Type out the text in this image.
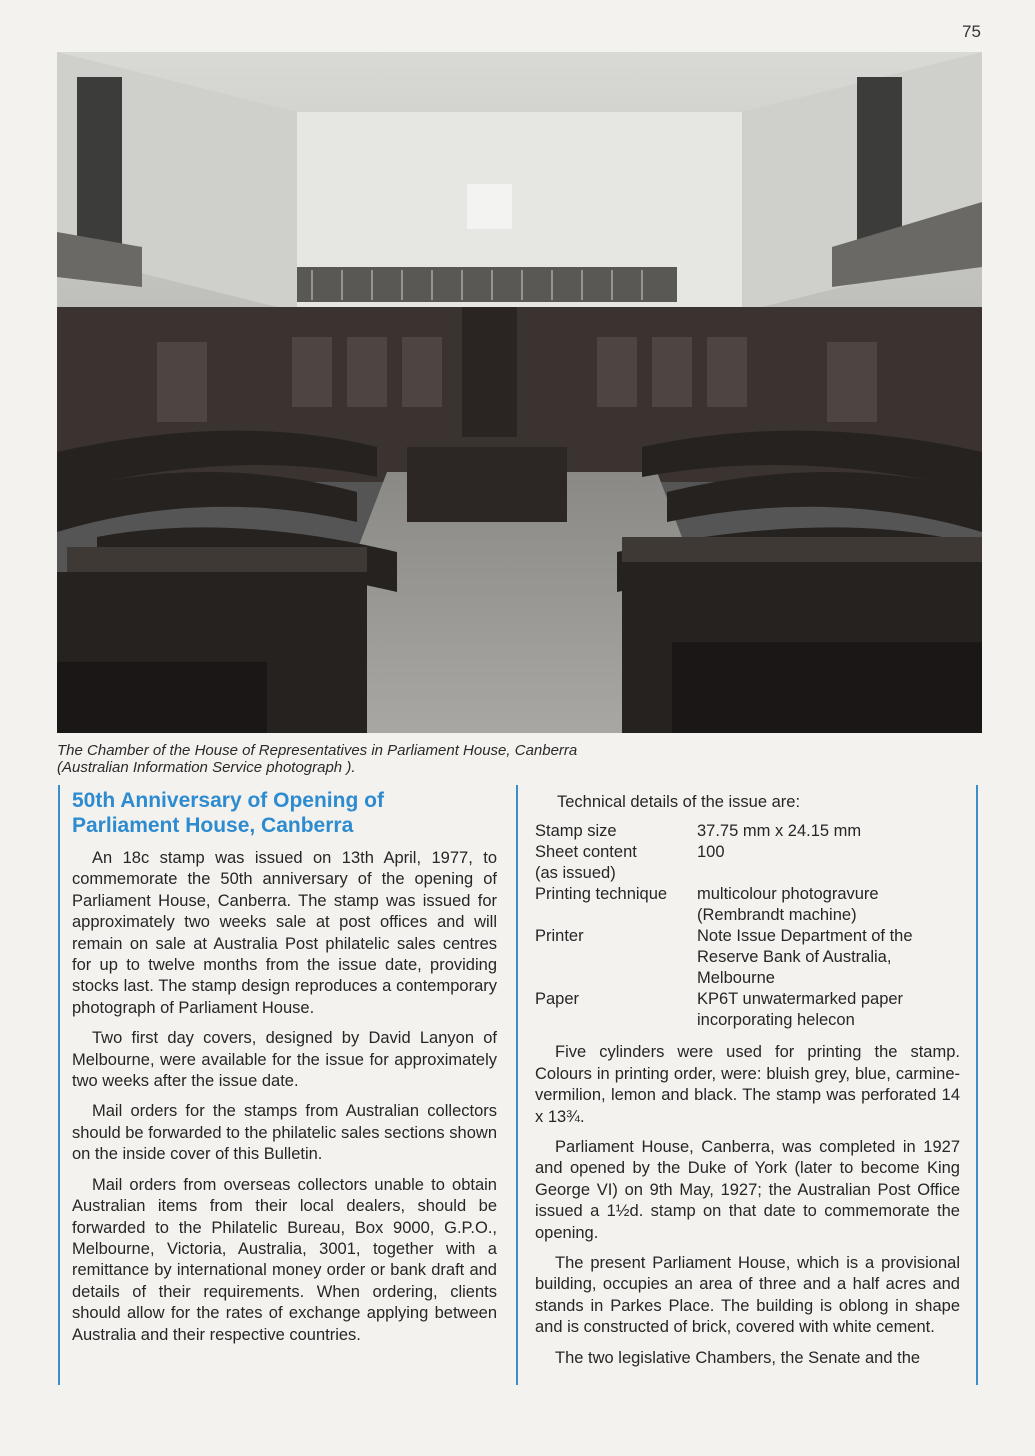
75
The Chamber of the House of Representatives in Parliament House, Canberra
(Australian Information Service photograph ).
50th Anniversary of Opening of
Parliament House, Canberra

An 18c stamp was issued on 13th April, 1977, to commemorate the 50th anniversary of the opening of Parliament House, Canberra. The stamp was issued for approximately two weeks sale at post offices and will remain on sale at Australia Post philatelic sales centres for up to twelve months from the issue date, providing stocks last. The stamp design reproduces a contemporary photograph of Parliament House.

Two first day covers, designed by David Lanyon of Melbourne, were available for the issue for approximately two weeks after the issue date.

Mail orders for the stamps from Australian collectors should be forwarded to the philatelic sales sections shown on the inside cover of this Bulletin.

Mail orders from overseas collectors unable to obtain Australian items from their local dealers, should be forwarded to the Philatelic Bureau, Box 9000, G.P.O., Melbourne, Victoria, Australia, 3001, together with a remittance by international money order or bank draft and details of their requirements. When ordering, clients should allow for the rates of exchange applying between Australia and their respective countries.

Technical details of the issue are:
Stamp size	37.75 mm x 24.15 mm
Sheet content
(as issued)	100
Printing technique	multicolour photogravure
(Rembrandt machine)
Printer	Note Issue Department of the
Reserve Bank of Australia,
Melbourne
Paper	KP6T unwatermarked paper
incorporating helecon

Five cylinders were used for printing the stamp. Colours in printing order, were: bluish grey, blue, carmine-vermilion, lemon and black. The stamp was perforated 14 x 13¾.

Parliament House, Canberra, was completed in 1927 and opened by the Duke of York (later to become King George VI) on 9th May, 1927; the Australian Post Office issued a 1½d. stamp on that date to commemorate the opening.

The present Parliament House, which is a provisional building, occupies an area of three and a half acres and stands in Parkes Place. The building is oblong in shape and is constructed of brick, covered with white cement.

The two legislative Chambers, the Senate and the
